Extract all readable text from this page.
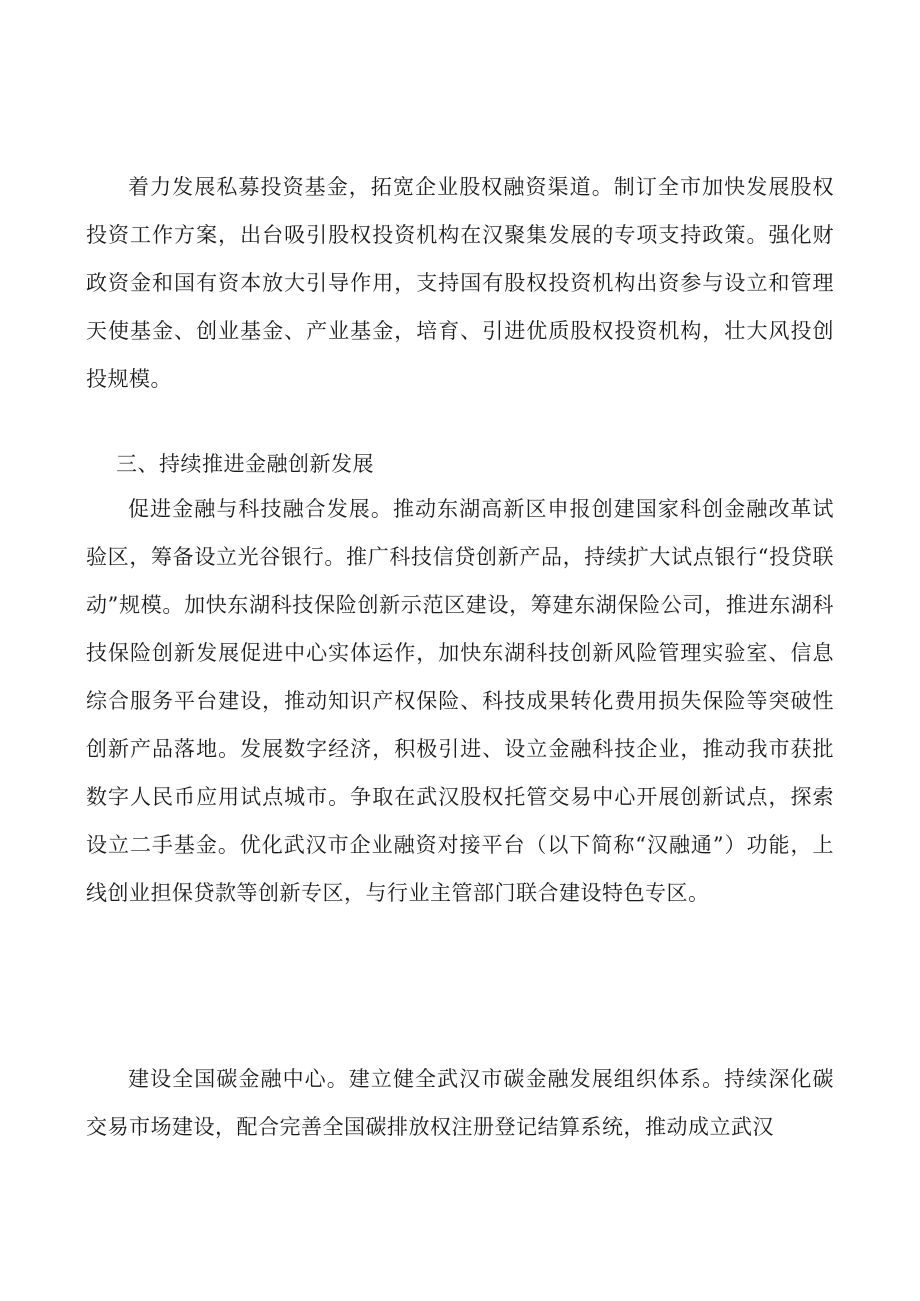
着力发展私募投资基金，拓宽企业股权融资渠道。制订全市加快发展股权投资工作方案，出台吸引股权投资机构在汉聚集发展的专项支持政策。强化财政资金和国有资本放大引导作用，支持国有股权投资机构出资参与设立和管理天使基金、创业基金、产业基金，培育、引进优质股权投资机构，壮大风投创投规模。

三、持续推进金融创新发展

促进金融与科技融合发展。推动东湖高新区申报创建国家科创金融改革试验区，筹备设立光谷银行。推广科技信贷创新产品，持续扩大试点银行“投贷联动”规模。加快东湖科技保险创新示范区建设，筹建东湖保险公司，推进东湖科技保险创新发展促进中心实体运作，加快东湖科技创新风险管理实验室、信息综合服务平台建设，推动知识产权保险、科技成果转化费用损失保险等突破性创新产品落地。发展数字经济，积极引进、设立金融科技企业，推动我市获批数字人民币应用试点城市。争取在武汉股权托管交易中心开展创新试点，探索设立二手基金。优化武汉市企业融资对接平台（以下简称“汉融通”）功能，上线创业担保贷款等创新专区，与行业主管部门联合建设特色专区。

建设全国碳金融中心。建立健全武汉市碳金融发展组织体系。持续深化碳交易市场建设，配合完善全国碳排放权注册登记结算系统，推动成立武汉
